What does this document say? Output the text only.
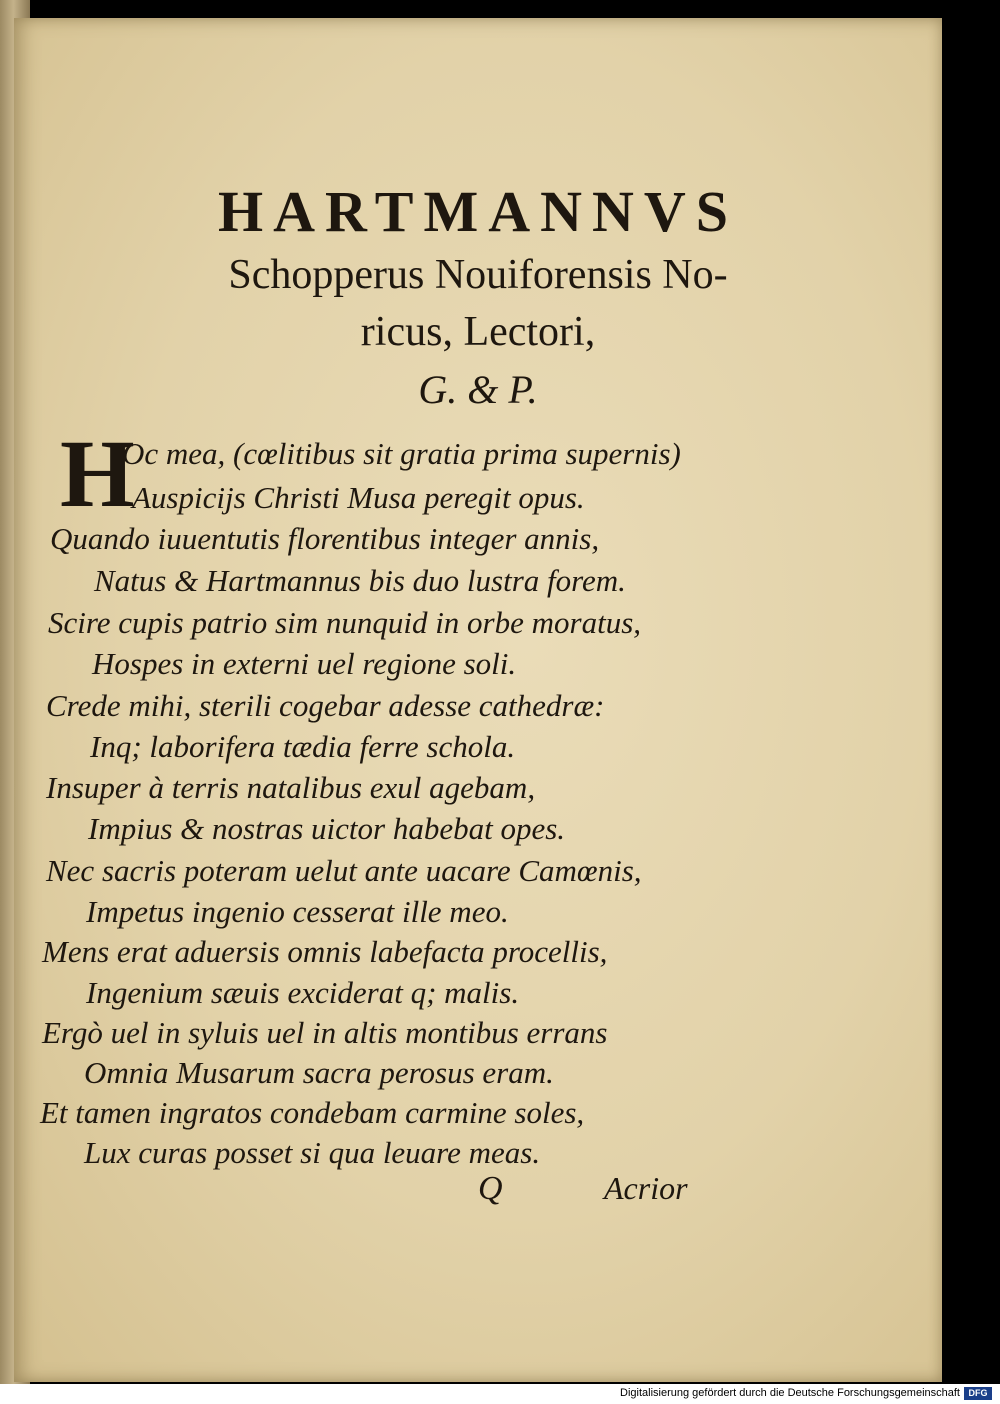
HARTMANNVS
Schopperus Nouiforensis No-
ricus, Lectori,
G. & P.
H
Oc mea, (cœlitibus sit gratia prima supernis)
Auspicijs Christi Musa peregit opus.
Quando iuuentutis florentibus integer annis,
Natus & Hartmannus bis duo lustra forem.
Scire cupis patrio sim nunquid in orbe moratus,
Hospes in externi uel regione soli.
Crede mihi, sterili cogebar adesse cathedræ:
Inq; laborifera tædia ferre schola.
Insuper à terris natalibus exul agebam,
Impius & nostras uictor habebat opes.
Nec sacris poteram uelut ante uacare Camœnis,
Impetus ingenio cesserat ille meo.
Mens erat aduersis omnis labefacta procellis,
Ingenium sæuis exciderat q; malis.
Ergò uel in syluis uel in altis montibus errans
Omnia Musarum sacra perosus eram.
Et tamen ingratos condebam carmine soles,
Lux curas posset si qua leuare meas.
Q	Acrior
Digitalisierung gefördert durch die Deutsche Forschungsgemeinschaft DFG
